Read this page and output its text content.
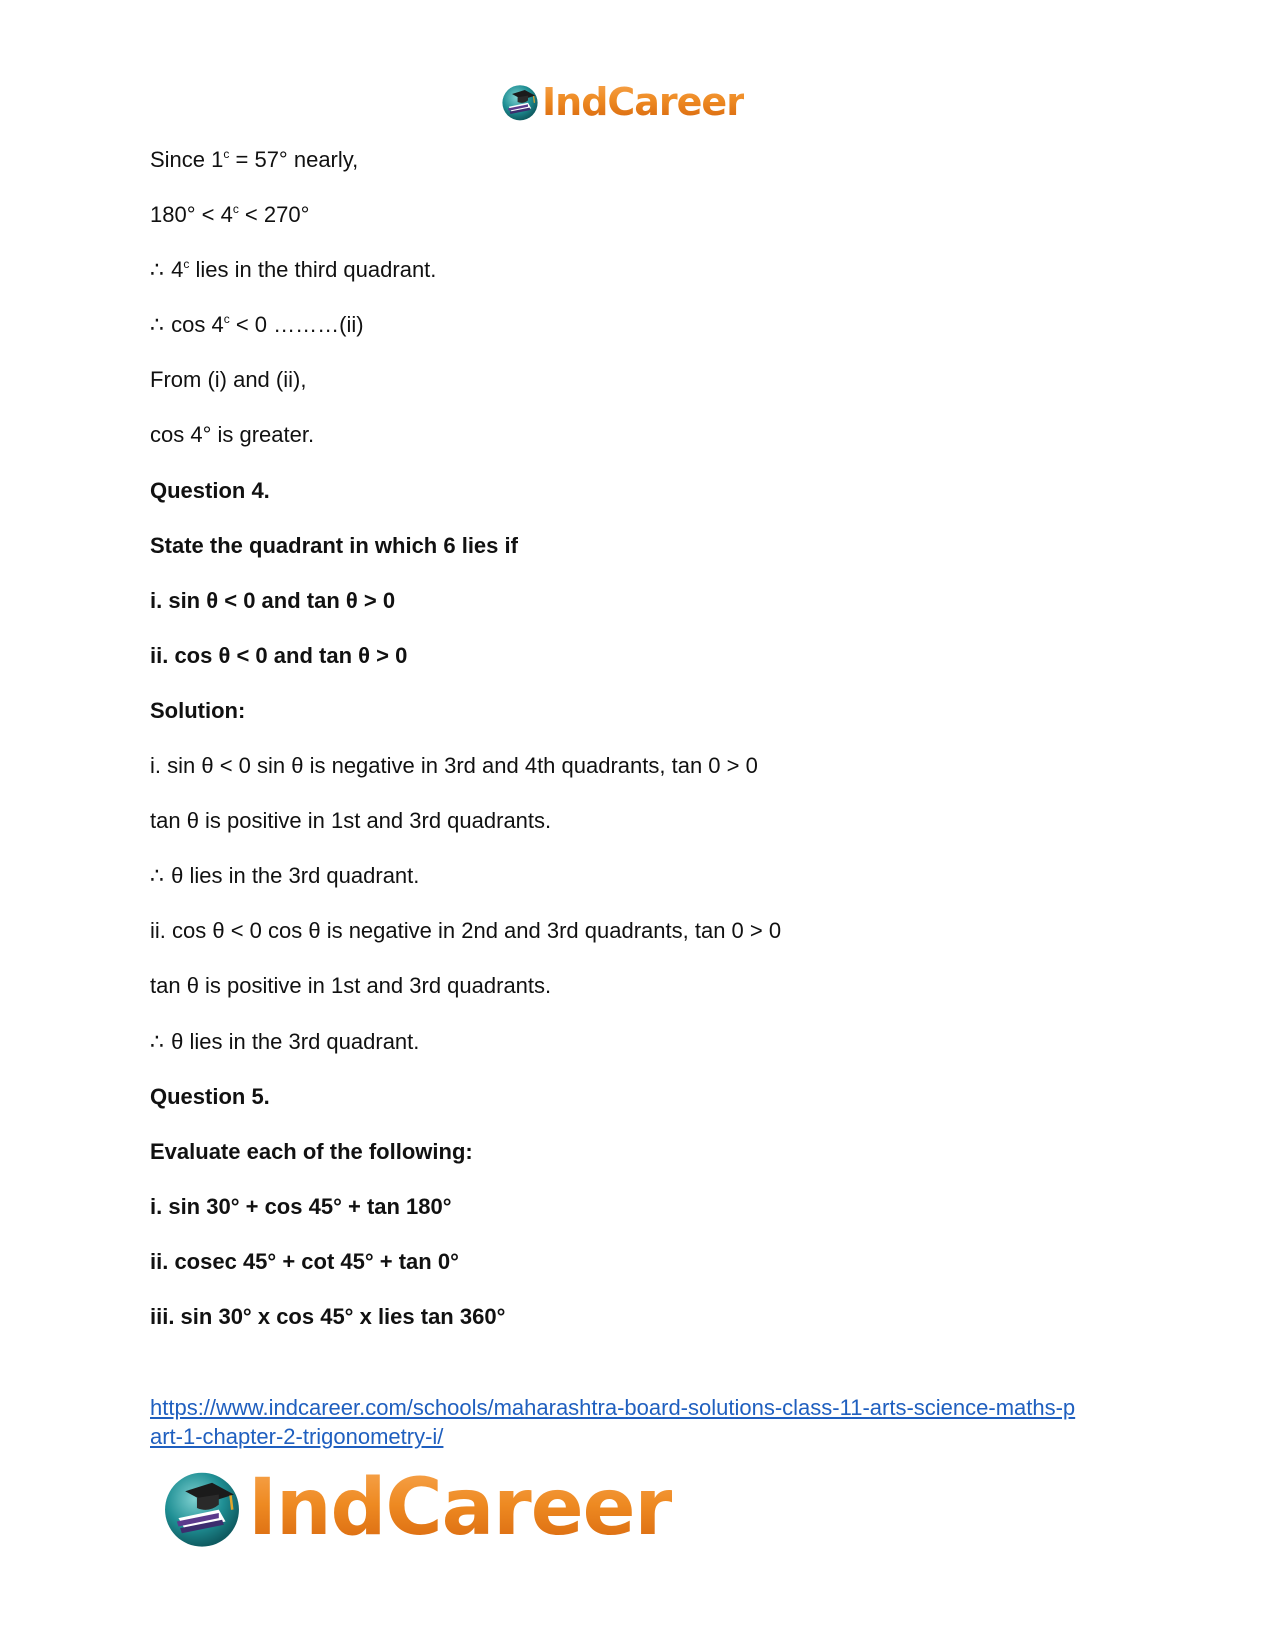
IndCareer
Since $1^c = 57^\circ$ nearly,
$180^\circ < 4^c < 270^\circ$
∴ 4$^c$ lies in the third quadrant.
∴ $\cos 4^c < 0$ ………(ii)
From (i) and (ii),
cos 4° is greater.
Question 4.
State the quadrant in which 6 lies if
i. sin θ < 0 and tan θ > 0
ii. cos θ < 0 and tan θ > 0
Solution:
i. sin θ < 0 sin θ is negative in 3rd and 4th quadrants, tan 0 > 0
tan θ is positive in 1st and 3rd quadrants.
∴ θ lies in the 3rd quadrant.
ii. cos θ < 0 cos θ is negative in 2nd and 3rd quadrants, tan 0 > 0
tan θ is positive in 1st and 3rd quadrants.
∴ θ lies in the 3rd quadrant.
Question 5.
Evaluate each of the following:
i. sin 30° + cos 45° + tan 180°
ii. cosec 45° + cot 45° + tan 0°
iii. sin 30° x cos 45° x lies tan 360°
https://www.indcareer.com/schools/maharashtra-board-solutions-class-11-arts-science-maths-p
art-1-chapter-2-trigonometry-i/
IndCareer
